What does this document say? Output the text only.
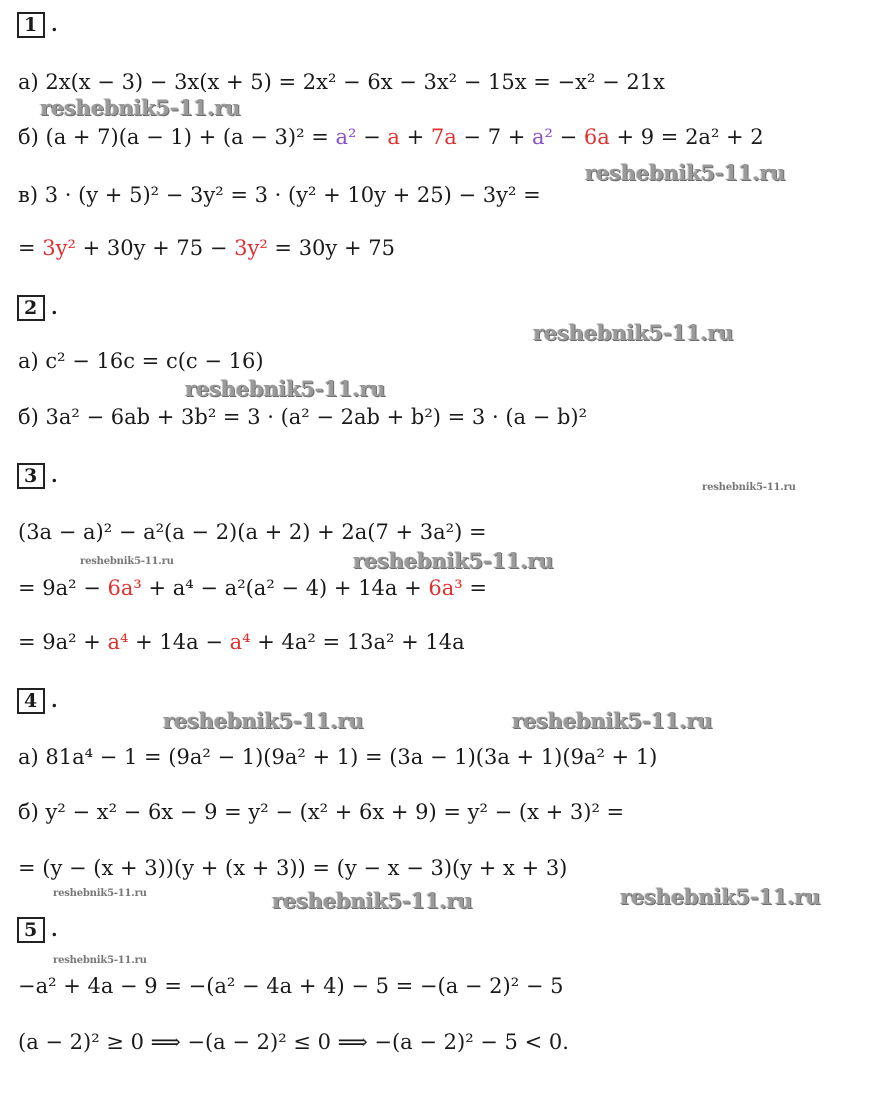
1 .
2 .
3 .
4 .
5 .
а) 2x(x − 3) − 3x(x + 5) = 2x² − 6x − 3x² − 15x = −x² − 21x
б) (a + 7)(a − 1) + (a − 3)² = a² − a + 7a − 7 + a² − 6a + 9 = 2a² + 2
в) 3 · (y + 5)² − 3y² = 3 · (y² + 10y + 25) − 3y² =
= 3y² + 30y + 75 − 3y² = 30y + 75
а) c² − 16c = c(c − 16)
б) 3a² − 6ab + 3b² = 3 · (a² − 2ab + b²) = 3 · (a − b)²
(3a − a)² − a²(a − 2)(a + 2) + 2a(7 + 3a²) =
= 9a² − 6a³ + a⁴ − a²(a² − 4) + 14a + 6a³ =
= 9a² + a⁴ + 14a − a⁴ + 4a² = 13a² + 14a
а) 81a⁴ − 1 = (9a² − 1)(9a² + 1) = (3a − 1)(3a + 1)(9a² + 1)
б) y² − x² − 6x − 9 = y² − (x² + 6x + 9) = y² − (x + 3)² =
= (y − (x + 3))(y + (x + 3)) = (y − x − 3)(y + x + 3)
−a² + 4a − 9 = −(a² − 4a + 4) − 5 = −(a − 2)² − 5
(a − 2)² ≥ 0 ⟹ −(a − 2)² ≤ 0 ⟹ −(a − 2)² − 5 < 0.
reshebnik5-11.ru
reshebnik5-11.ru
reshebnik5-11.ru
reshebnik5-11.ru
reshebnik5-11.ru
reshebnik5-11.ru	reshebnik5-11.ru
reshebnik5-11.ru	reshebnik5-11.ru
reshebnik5-11.ru	reshebnik5-11.ru	reshebnik5-11.ru
reshebnik5-11.ru
